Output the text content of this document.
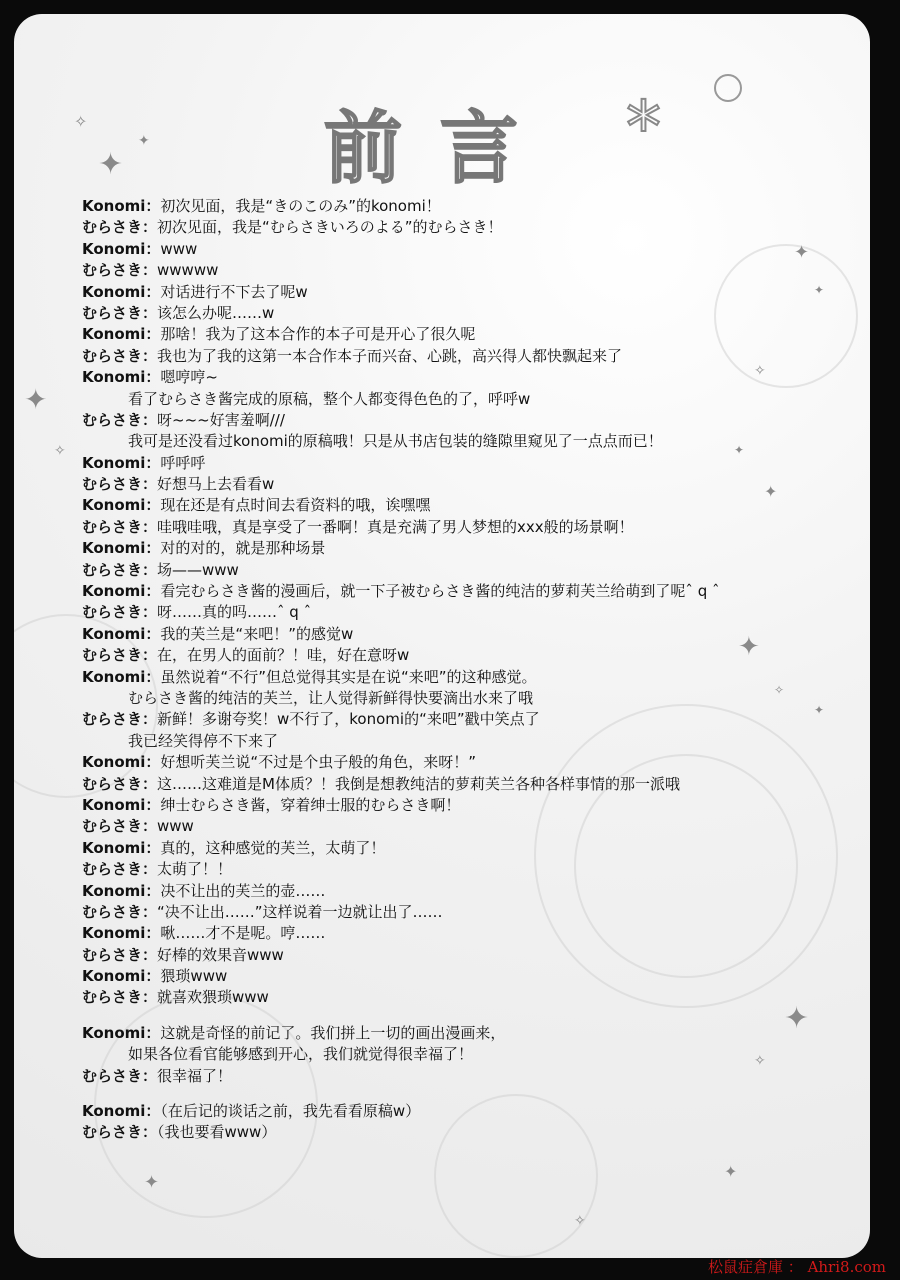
✦
✧
✦
✦
✧
✦
✦
✧
✦
✦
✦
✧
✦
✦
✧
✦
✦
✧
前言 *
Konomi：初次见面，我是“きのこのみ”的konomi！
むらさき：初次见面，我是“むらさきいろのよる”的むらさき！
Konomi：www
むらさき：wwwww
Konomi：对话进行不下去了呢w
むらさき：该怎么办呢……w
Konomi：那啥！我为了这本合作的本子可是开心了很久呢
むらさき：我也为了我的这第一本合作本子而兴奋、心跳，高兴得人都快飘起来了
Konomi：嗯哼哼~
看了むらさき酱完成的原稿，整个人都变得色色的了，呼呼w
むらさき：呀~~~好害羞啊///
我可是还没看过konomi的原稿哦！只是从书店包装的缝隙里窥见了一点点而已！
Konomi：呼呼呼
むらさき：好想马上去看看w
Konomi：现在还是有点时间去看资料的哦，诶嘿嘿
むらさき：哇哦哇哦，真是享受了一番啊！真是充满了男人梦想的xxx般的场景啊！
Konomi：对的对的，就是那种场景
むらさき：场——www
Konomi：看完むらさき酱的漫画后，就一下子被むらさき酱的纯洁的萝莉芙兰给萌到了呢ˆ q ˆ
むらさき：呀……真的吗……ˆ q ˆ
Konomi：我的芙兰是“来吧！”的感觉w
むらさき：在，在男人的面前？！哇，好在意呀w
Konomi：虽然说着“不行”但总觉得其实是在说“来吧”的这种感觉。
むらさき酱的纯洁的芙兰，让人觉得新鲜得快要滴出水来了哦
むらさき：新鲜！多谢夸奖！w不行了，konomi的“来吧”戳中笑点了
我已经笑得停不下来了
Konomi：好想听芙兰说“不过是个虫子般的角色，来呀！”
むらさき：这……这难道是M体质？！我倒是想教纯洁的萝莉芙兰各种各样事情的那一派哦
Konomi：绅士むらさき酱，穿着绅士服的むらさき啊！
むらさき：www
Konomi：真的，这种感觉的芙兰，太萌了！
むらさき：太萌了！！
Konomi：决不让出的芙兰的壶……
むらさき：“决不让出……”这样说着一边就让出了……
Konomi：啾……才不是呢。哼……
むらさき：好棒的效果音www
Konomi：猥琐www
むらさき：就喜欢猥琐www
Konomi：这就是奇怪的前记了。我们拼上一切的画出漫画来，
如果各位看官能够感到开心，我们就觉得很幸福了！
むらさき：很幸福了！
Konomi：（在后记的谈话之前，我先看看原稿w）
むらさき：（我也要看www）
松鼠症倉庫 ： Ahri8.com
